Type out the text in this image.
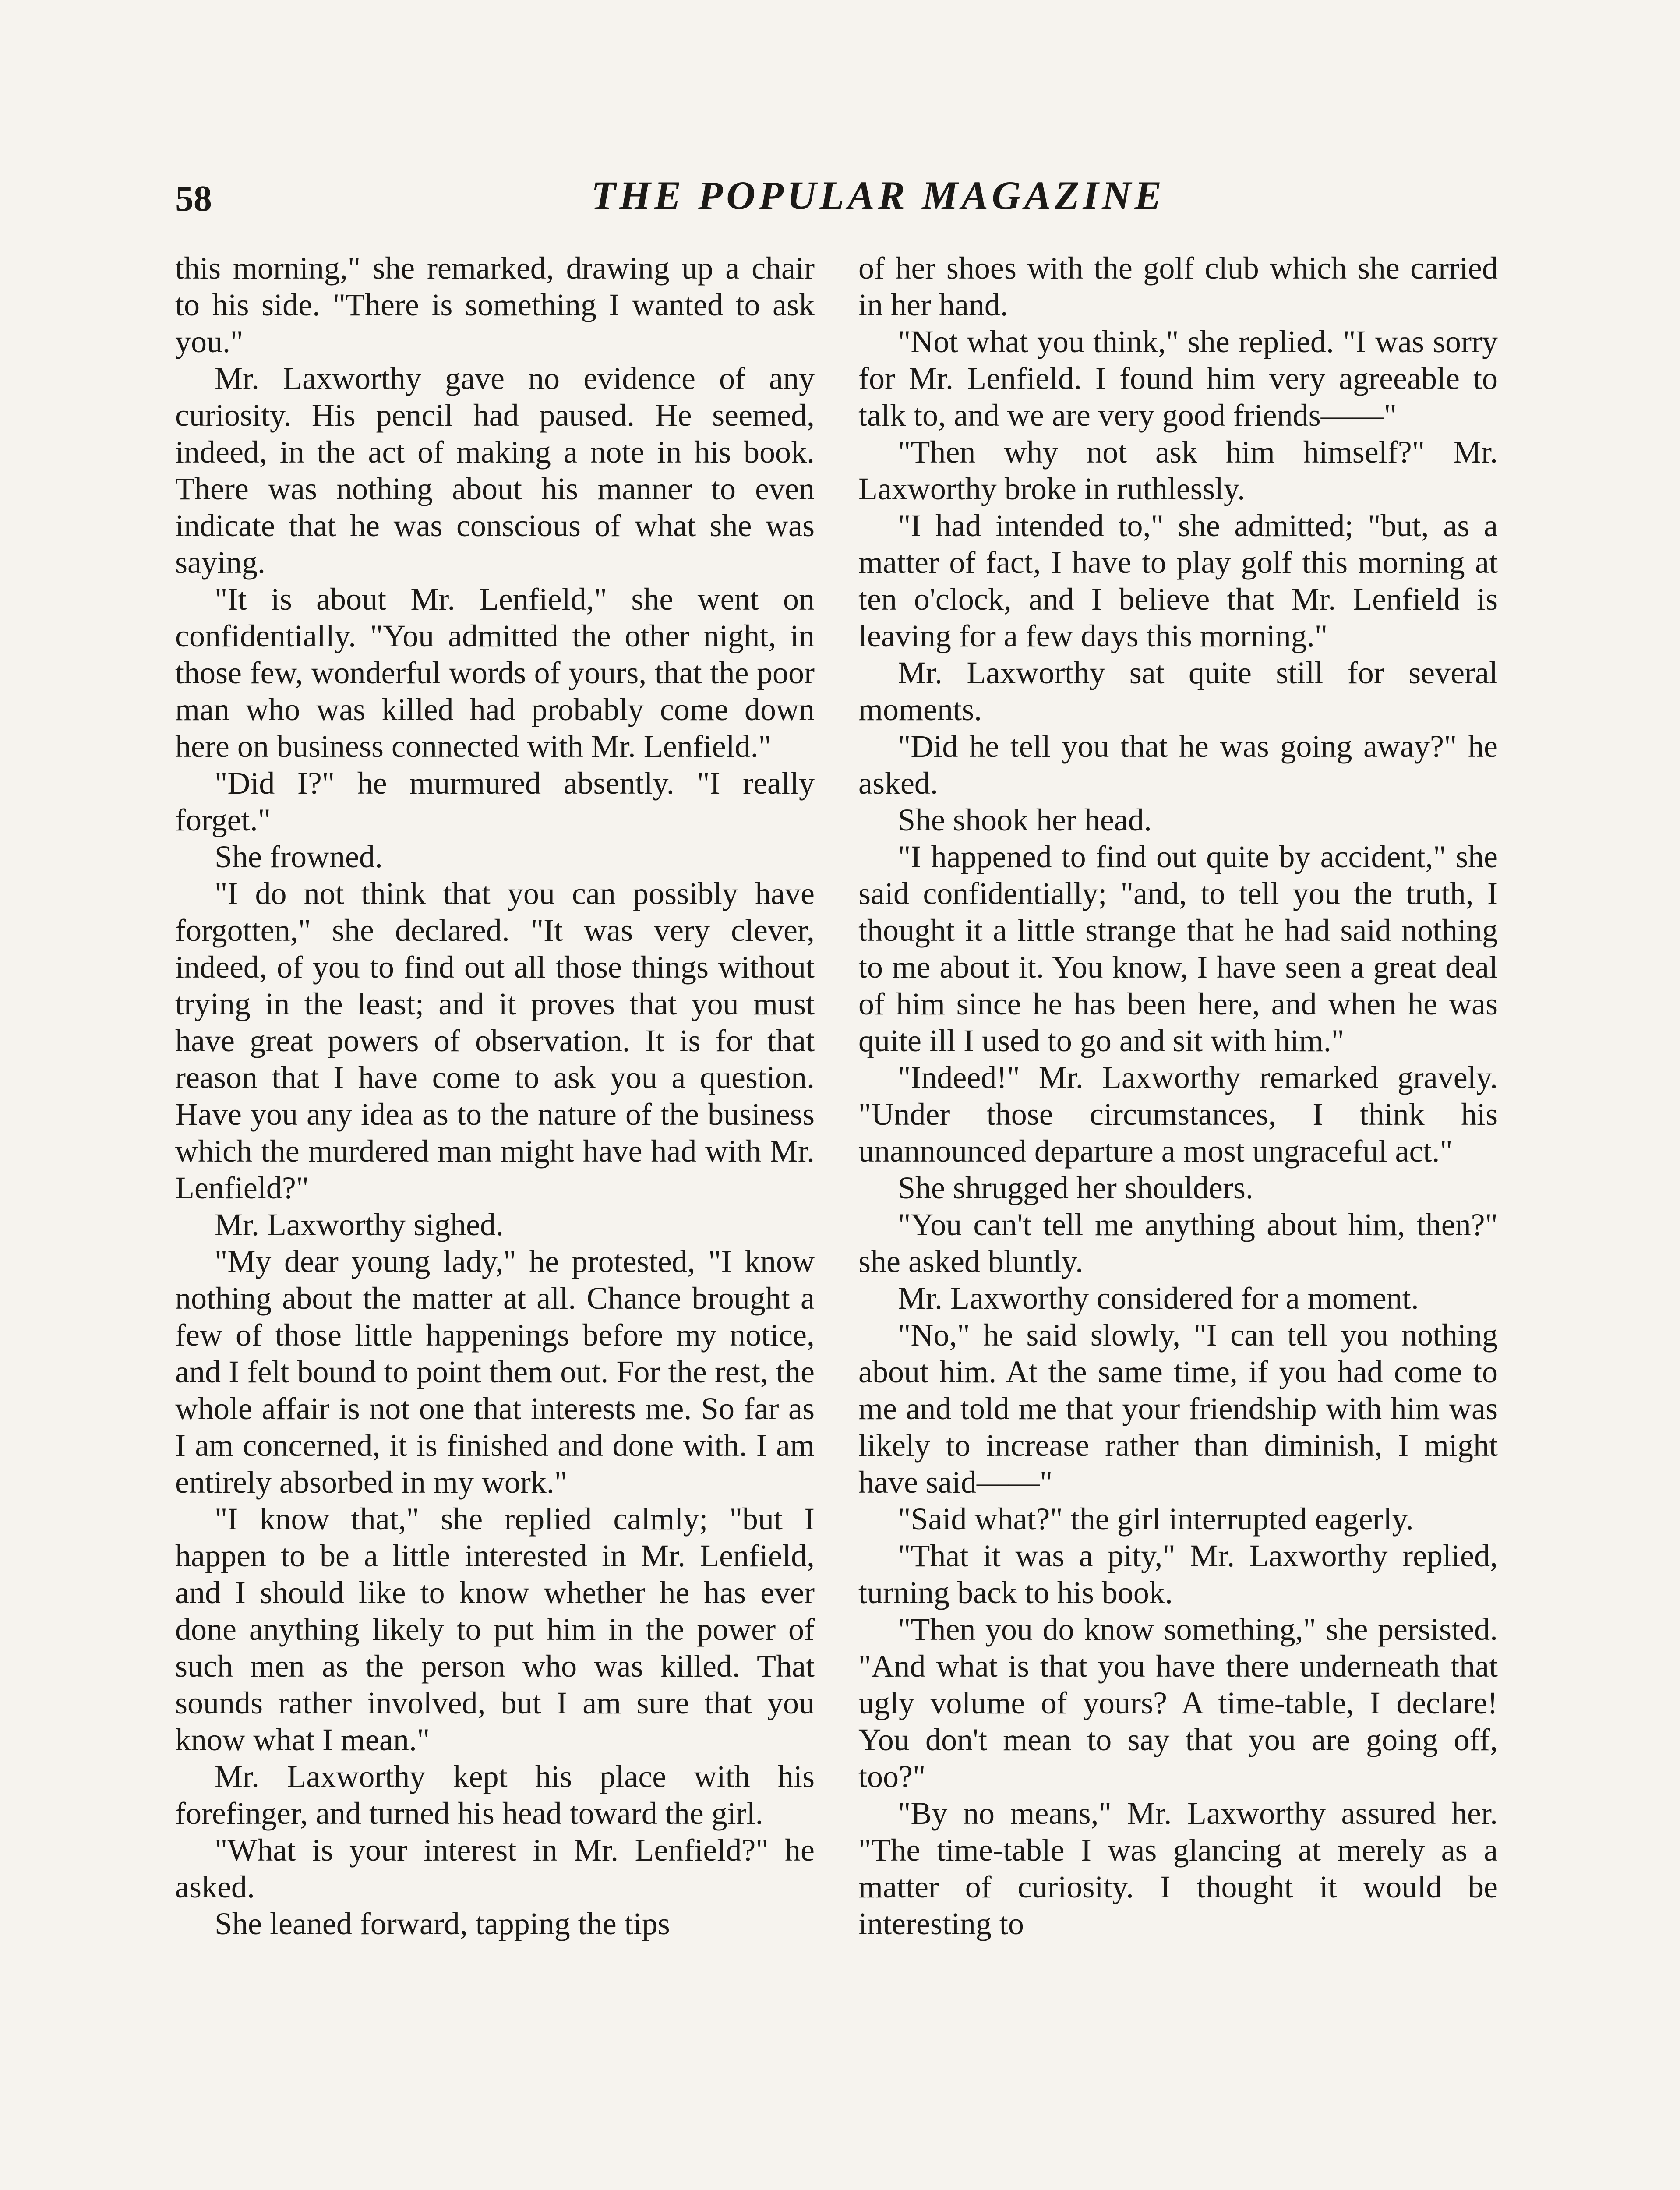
58	THE POPULAR MAGAZINE

this morning," she remarked, drawing up a chair to his side. "There is something I wanted to ask you."

Mr. Laxworthy gave no evidence of any curiosity. His pencil had paused. He seemed, indeed, in the act of making a note in his book. There was nothing about his manner to even indicate that he was conscious of what she was saying.

"It is about Mr. Lenfield," she went on confidentially. "You admitted the other night, in those few, wonderful words of yours, that the poor man who was killed had probably come down here on business connected with Mr. Lenfield."

"Did I?" he murmured absently. "I really forget."

She frowned.

"I do not think that you can possibly have forgotten," she declared. "It was very clever, indeed, of you to find out all those things without trying in the least; and it proves that you must have great powers of observation. It is for that reason that I have come to ask you a question. Have you any idea as to the nature of the business which the murdered man might have had with Mr. Lenfield?"

Mr. Laxworthy sighed.

"My dear young lady," he protested, "I know nothing about the matter at all. Chance brought a few of those little happenings before my notice, and I felt bound to point them out. For the rest, the whole affair is not one that interests me. So far as I am concerned, it is finished and done with. I am entirely absorbed in my work."

"I know that," she replied calmly; "but I happen to be a little interested in Mr. Lenfield, and I should like to know whether he has ever done anything likely to put him in the power of such men as the person who was killed. That sounds rather involved, but I am sure that you know what I mean."

Mr. Laxworthy kept his place with his forefinger, and turned his head toward the girl.

"What is your interest in Mr. Lenfield?" he asked.

She leaned forward, tapping the tips

of her shoes with the golf club which she carried in her hand.

"Not what you think," she replied. "I was sorry for Mr. Lenfield. I found him very agreeable to talk to, and we are very good friends——"

"Then why not ask him himself?" Mr. Laxworthy broke in ruthlessly.

"I had intended to," she admitted; "but, as a matter of fact, I have to play golf this morning at ten o'clock, and I believe that Mr. Lenfield is leaving for a few days this morning."

Mr. Laxworthy sat quite still for several moments.

"Did he tell you that he was going away?" he asked.

She shook her head.

"I happened to find out quite by accident," she said confidentially; "and, to tell you the truth, I thought it a little strange that he had said nothing to me about it. You know, I have seen a great deal of him since he has been here, and when he was quite ill I used to go and sit with him."

"Indeed!" Mr. Laxworthy remarked gravely. "Under those circumstances, I think his unannounced departure a most ungraceful act."

She shrugged her shoulders.

"You can't tell me anything about him, then?" she asked bluntly.

Mr. Laxworthy considered for a moment.

"No," he said slowly, "I can tell you nothing about him. At the same time, if you had come to me and told me that your friendship with him was likely to increase rather than diminish, I might have said——"

"Said what?" the girl interrupted eagerly.

"That it was a pity," Mr. Laxworthy replied, turning back to his book.

"Then you do know something," she persisted. "And what is that you have there underneath that ugly volume of yours? A time-table, I declare! You don't mean to say that you are going off, too?"

"By no means," Mr. Laxworthy assured her. "The time-table I was glancing at merely as a matter of curiosity. I thought it would be interesting to
